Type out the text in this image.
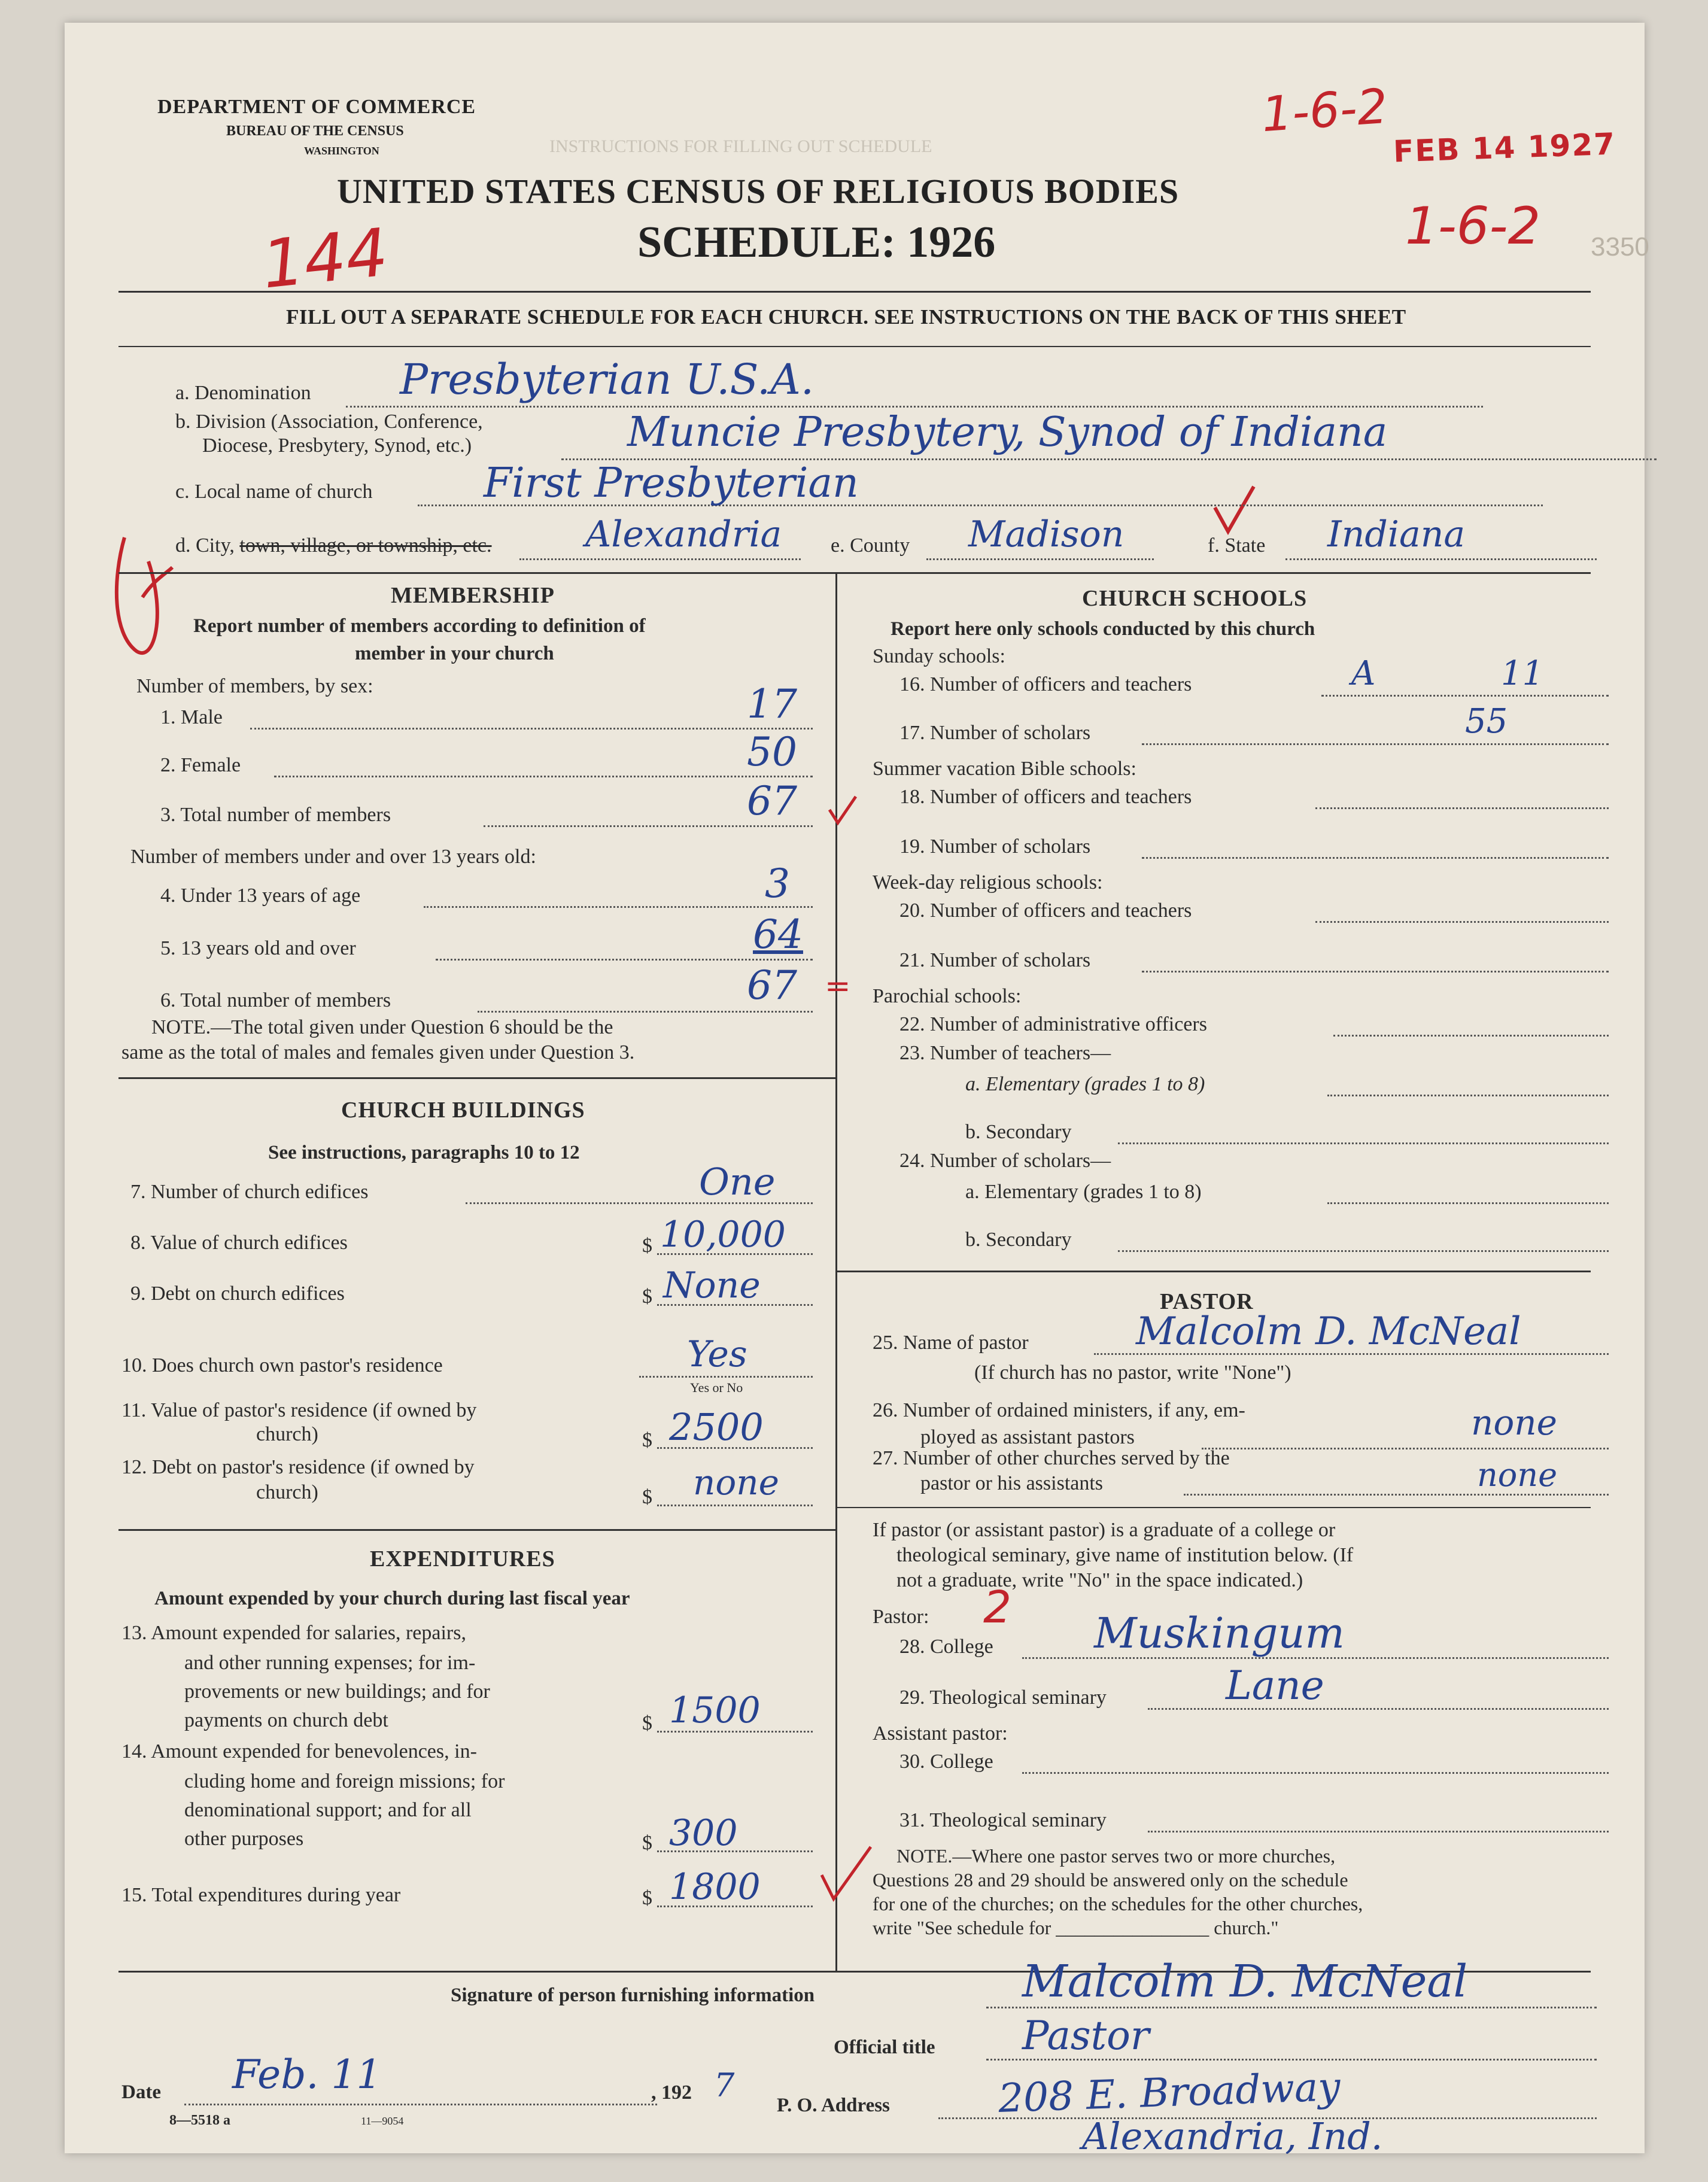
INSTRUCTIONS FOR FILLING OUT SCHEDULE
DEPARTMENT OF COMMERCE
BUREAU OF THE CENSUS
WASHINGTON
UNITED STATES CENSUS OF RELIGIOUS BODIES
SCHEDULE: 1926	3350
FILL OUT A SEPARATE SCHEDULE FOR EACH CHURCH. SEE INSTRUCTIONS ON THE BACK OF THIS SHEET
1-6-2
FEB 14 1927
1-6-2
144
a. Denomination Presbyterian U.S.A.
b. Division (Association, Conference,
Diocese, Presbytery, Synod, etc.)	Muncie Presbytery, Synod of Indiana
c. Local name of church	First Presbyterian
d. City, town, village, or township, etc.	Alexandria e. County Madison	f. State Indiana
MEMBERSHIP
Report number of members according to definition of
member in your church
Number of members, by sex:
1. Male	17
2. Female	50
3. Total number of members	67
Number of members under and over 13 years old:
4. Under 13 years of age	3
5. 13 years old and over	64
6. Total number of members	67 =
NOTE.—The total given under Question 6 should be the
same as the total of males and females given under Question 3.
CHURCH BUILDINGS
See instructions, paragraphs 10 to 12
7. Number of church edifices	One
8. Value of church edifices	$ 10,000
9. Debt on church edifices	$ None
10. Does church own pastor's residence	Yes
Yes or No
11. Value of pastor's residence (if owned by
church)	$ 2500
12. Debt on pastor's residence (if owned by
church)	$ none
EXPENDITURES
Amount expended by your church during last fiscal year
13. Amount expended for salaries, repairs,
and other running expenses; for im-
provements or new buildings; and for
payments on church debt	$ 1500
14. Amount expended for benevolences, in-
cluding home and foreign missions; for
denominational support; and for all
other purposes	$ 300
15. Total expenditures during year	$ 1800
CHURCH SCHOOLS
Report here only schools conducted by this church
Sunday schools:
16. Number of officers and teachers	A	11
17. Number of scholars	55
Summer vacation Bible schools:
18. Number of officers and teachers
19. Number of scholars
Week-day religious schools:
20. Number of officers and teachers
21. Number of scholars
Parochial schools:
22. Number of administrative officers
23. Number of teachers—
a. Elementary (grades 1 to 8)
b. Secondary
24. Number of scholars—
a. Elementary (grades 1 to 8)
b. Secondary
PASTOR
25. Name of pastor	Malcolm D. McNeal
(If church has no pastor, write "None")
26. Number of ordained ministers, if any, em-
ployed as assistant pastors	none
27. Number of other churches served by the
pastor or his assistants	none
If pastor (or assistant pastor) is a graduate of a college or
theological seminary, give name of institution below. (If
not a graduate, write "No" in the space indicated.)
Pastor: 2
28. College Muskingum
29. Theological seminary	Lane
Assistant pastor:
30. College
31. Theological seminary
NOTE.—Where one pastor serves two or more churches,
Questions 28 and 29 should be answered only on the schedule
for one of the churches; on the schedules for the other churches,
write "See schedule for ________________ church."
Signature of person furnishing information	Malcolm D. McNeal
Official title Pastor
Date Feb. 11	, 192 7
P. O. Address	208 E. Broadway
Alexandria, Ind.
8—5518 a	11—9054
